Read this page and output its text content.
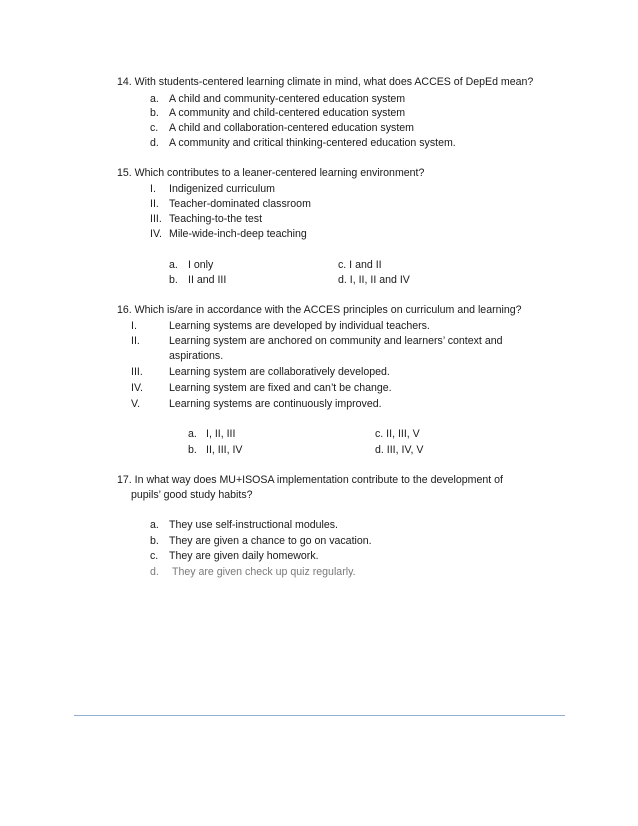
14. With students-centered learning climate in mind, what does ACCES of DepEd mean?
a. A child and community-centered education system
b. A community and child-centered education system
c. A child and collaboration-centered education system
d. A community and critical thinking-centered education system.
15. Which contributes to a leaner-centered learning environment?
I. Indigenized curriculum
II. Teacher-dominated classroom
III. Teaching-to-the test
IV. Mile-wide-inch-deep teaching
a. I only	c. I and II
b. II and III	d. I, II, II and IV
16. Which is/are in accordance with the ACCES principles on curriculum and learning?
I.	Learning systems are developed by individual teachers.
II.	Learning system are anchored on community and learners’ context and
aspirations.
III. Learning system are collaboratively developed.
IV. Learning system are fixed and can’t be change.
V.	Learning systems are continuously improved.
a. I, II, III	c. II, III, V
b. II, III, IV	d. III, IV, V
17. In what way does MU+ISOSA implementation contribute to the development of
pupils’ good study habits?
a. They use self-instructional modules.
b. They are given a chance to go on vacation.
c. They are given daily homework.
d. They are given check up quiz regularly.
